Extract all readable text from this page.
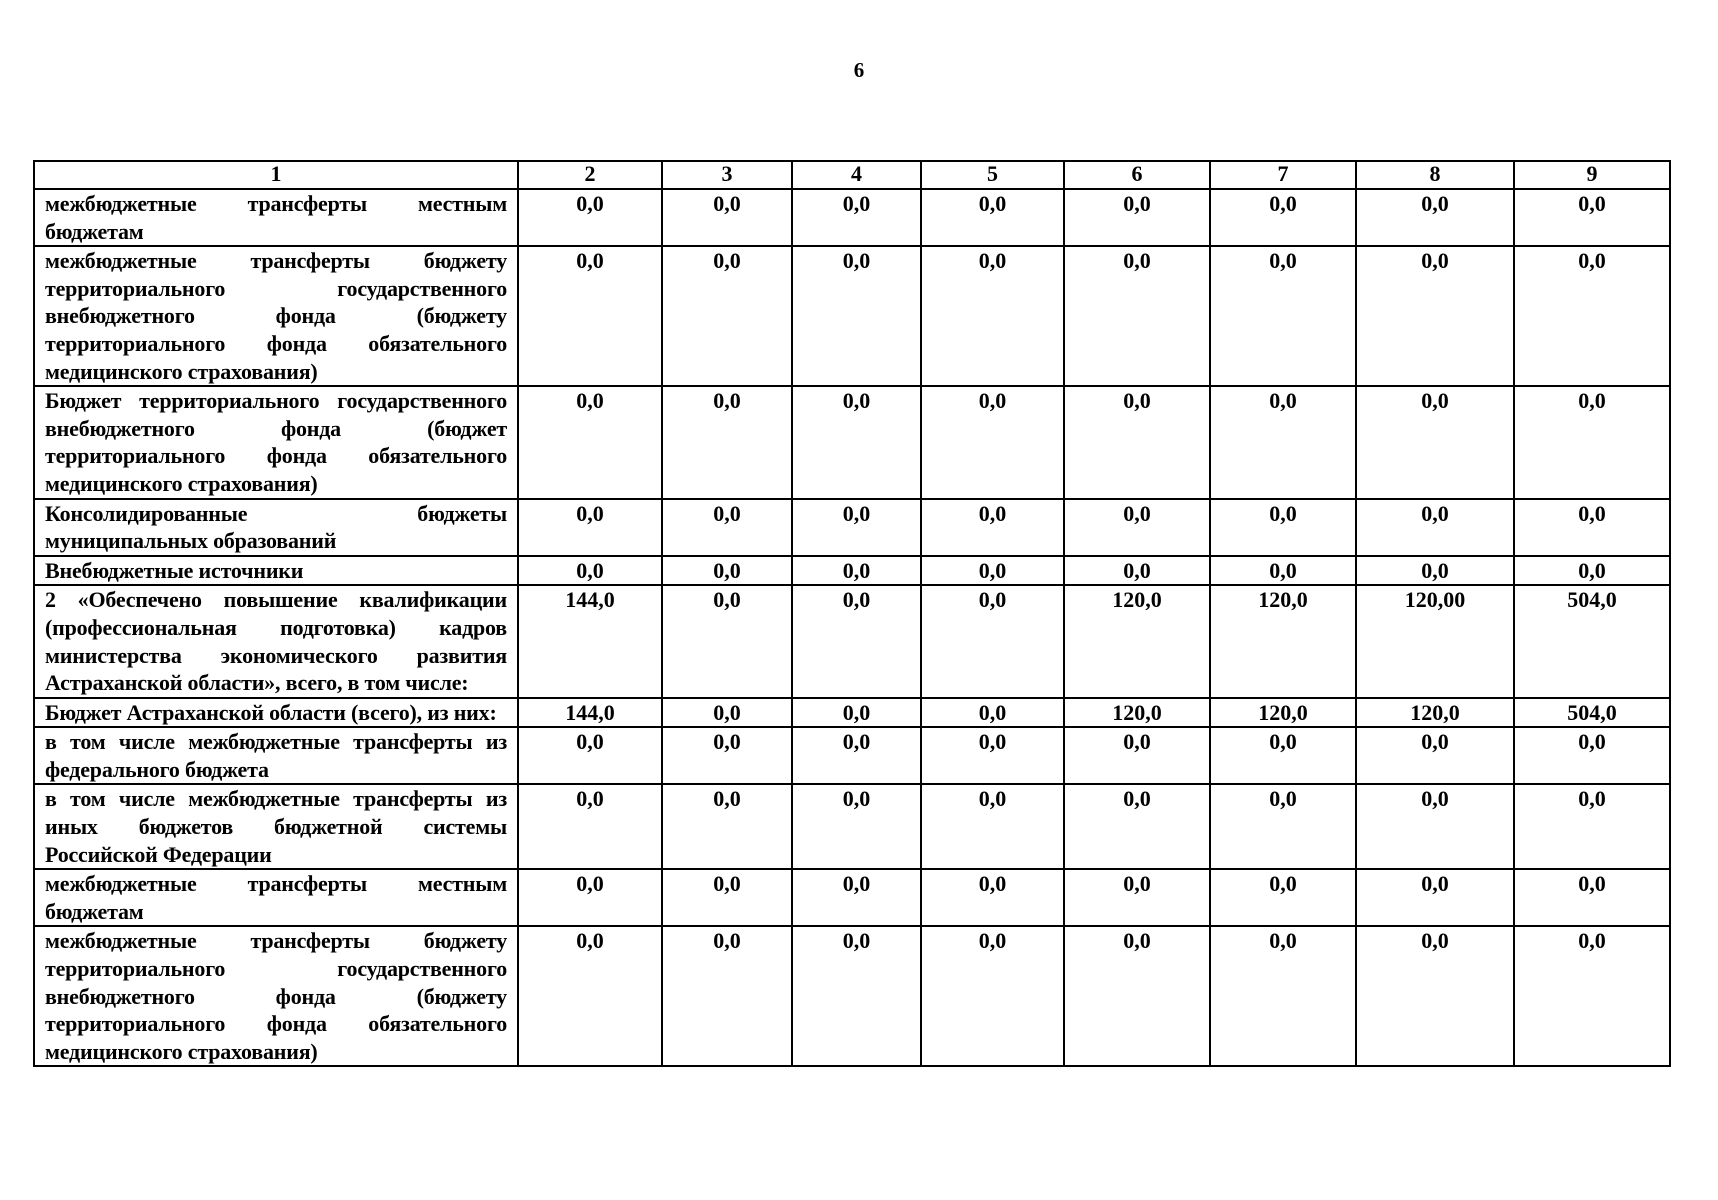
6
1	2	3	4	5	6	7	8	9
межбюджетные трансферты местным бюджетам	0,0	0,0	0,0	0,0	0,0	0,0	0,0	0,0
межбюджетные трансферты бюджету территориального государственного внебюджетного фонда (бюджету территориального фонда обязательного медицинского страхования)	0,0	0,0	0,0	0,0	0,0	0,0	0,0	0,0
Бюджет территориального государственного внебюджетного фонда (бюджет территориального фонда обязательного медицинского страхования)	0,0	0,0	0,0	0,0	0,0	0,0	0,0	0,0
Консолидированные бюджеты муниципальных образований	0,0	0,0	0,0	0,0	0,0	0,0	0,0	0,0
Внебюджетные источники	0,0	0,0	0,0	0,0	0,0	0,0	0,0	0,0
2 «Обеспечено повышение квалификации (профессиональная подготовка) кадров министерства экономического развития Астраханской области», всего, в том числе:	144,0	0,0	0,0	0,0	120,0	120,0	120,00	504,0
Бюджет Астраханской области (всего), из них:	144,0	0,0	0,0	0,0	120,0	120,0	120,0	504,0
в том числе межбюджетные трансферты из федерального бюджета	0,0	0,0	0,0	0,0	0,0	0,0	0,0	0,0
в том числе межбюджетные трансферты из иных бюджетов бюджетной системы Российской Федерации	0,0	0,0	0,0	0,0	0,0	0,0	0,0	0,0
межбюджетные трансферты местным бюджетам	0,0	0,0	0,0	0,0	0,0	0,0	0,0	0,0
межбюджетные трансферты бюджету территориального государственного внебюджетного фонда (бюджету территориального фонда обязательного медицинского страхования)	0,0	0,0	0,0	0,0	0,0	0,0	0,0	0,0
